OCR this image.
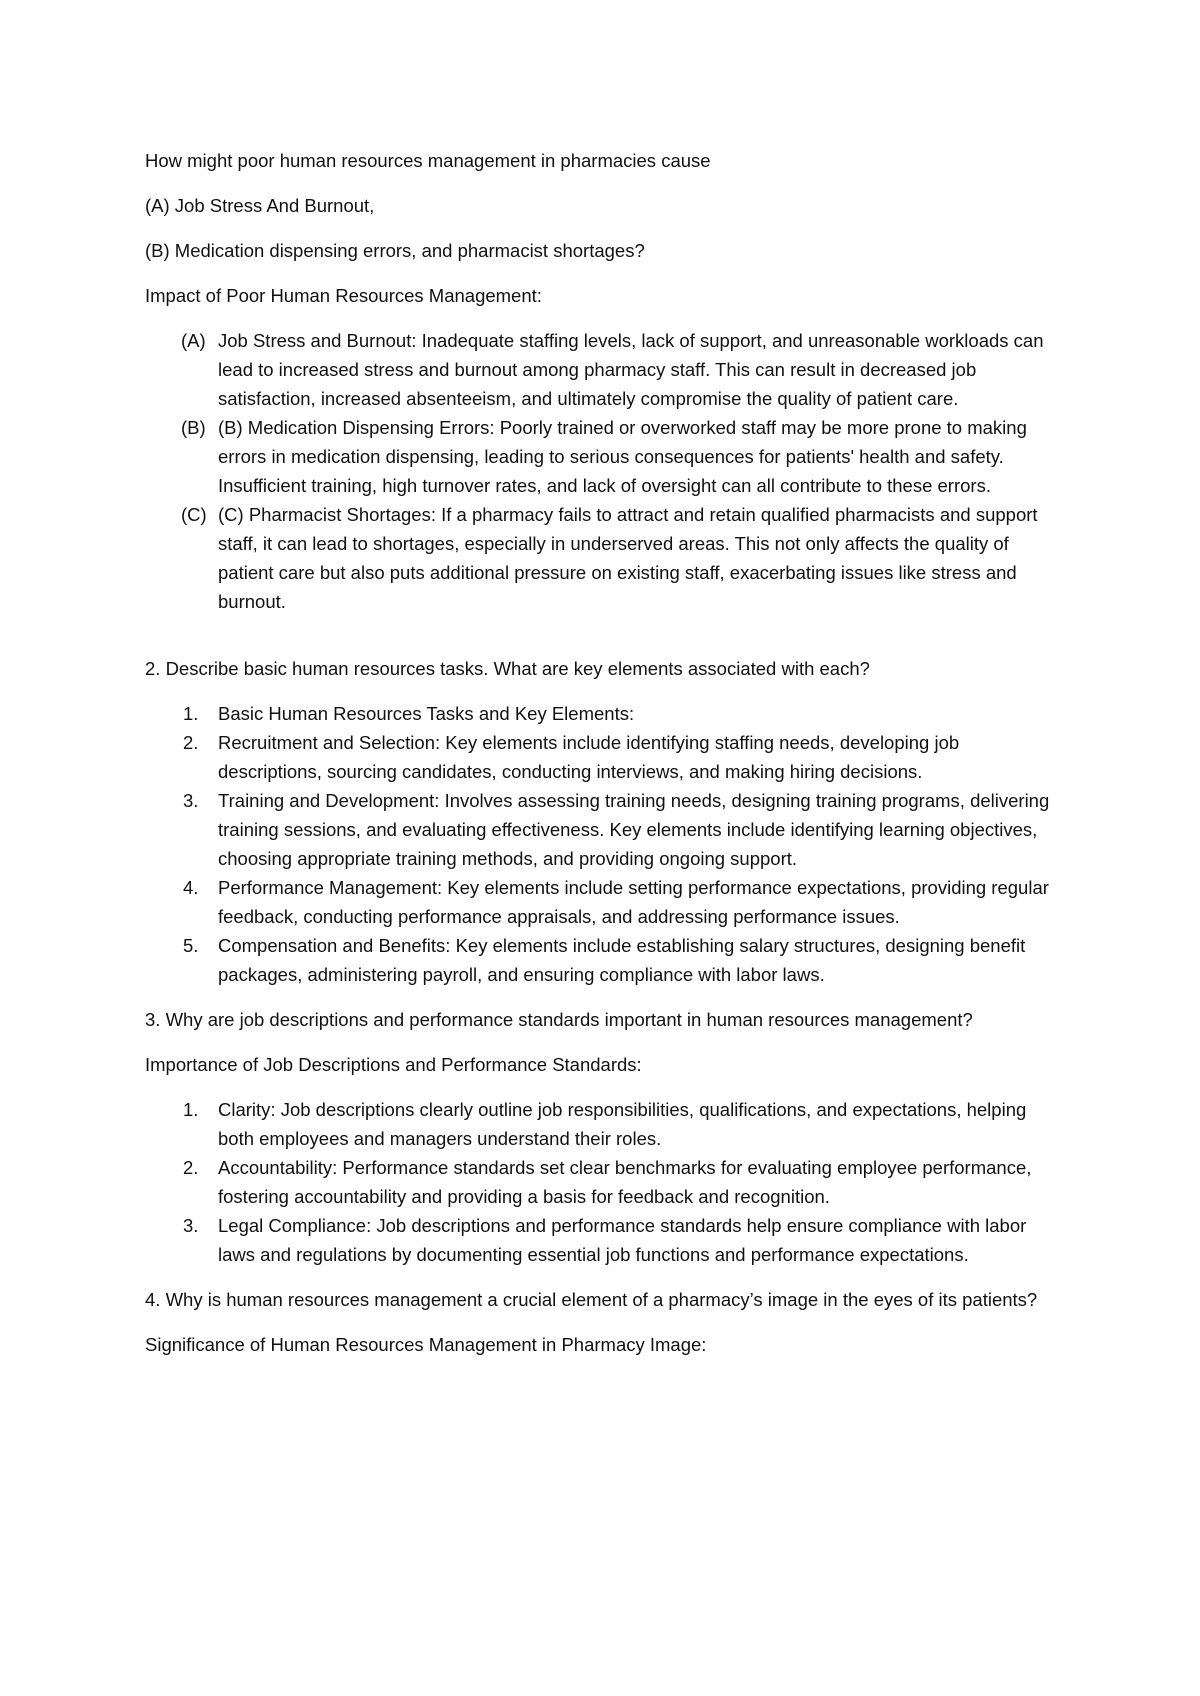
How might poor human resources management in pharmacies cause

(A) Job Stress And Burnout,

(B) Medication dispensing errors, and pharmacist shortages?

Impact of Poor Human Resources Management:

(A) Job Stress and Burnout: Inadequate staffing levels, lack of support, and unreasonable workloads can lead to increased stress and burnout among pharmacy staff. This can result in decreased job satisfaction, increased absenteeism, and ultimately compromise the quality of patient care.
(B) (B) Medication Dispensing Errors: Poorly trained or overworked staff may be more prone to making errors in medication dispensing, leading to serious consequences for patients' health and safety. Insufficient training, high turnover rates, and lack of oversight can all contribute to these errors.
(C) (C) Pharmacist Shortages: If a pharmacy fails to attract and retain qualified pharmacists and support staff, it can lead to shortages, especially in underserved areas. This not only affects the quality of patient care but also puts additional pressure on existing staff, exacerbating issues like stress and burnout.

2. Describe basic human resources tasks. What are key elements associated with each?

1. Basic Human Resources Tasks and Key Elements:
2. Recruitment and Selection: Key elements include identifying staffing needs, developing job descriptions, sourcing candidates, conducting interviews, and making hiring decisions.
3. Training and Development: Involves assessing training needs, designing training programs, delivering training sessions, and evaluating effectiveness. Key elements include identifying learning objectives, choosing appropriate training methods, and providing ongoing support.
4. Performance Management: Key elements include setting performance expectations, providing regular feedback, conducting performance appraisals, and addressing performance issues.
5. Compensation and Benefits: Key elements include establishing salary structures, designing benefit packages, administering payroll, and ensuring compliance with labor laws.

3. Why are job descriptions and performance standards important in human resources management?

Importance of Job Descriptions and Performance Standards:

1. Clarity: Job descriptions clearly outline job responsibilities, qualifications, and expectations, helping both employees and managers understand their roles.
2. Accountability: Performance standards set clear benchmarks for evaluating employee performance, fostering accountability and providing a basis for feedback and recognition.
3. Legal Compliance: Job descriptions and performance standards help ensure compliance with labor laws and regulations by documenting essential job functions and performance expectations.

4. Why is human resources management a crucial element of a pharmacy’s image in the eyes of its patients?

Significance of Human Resources Management in Pharmacy Image:
